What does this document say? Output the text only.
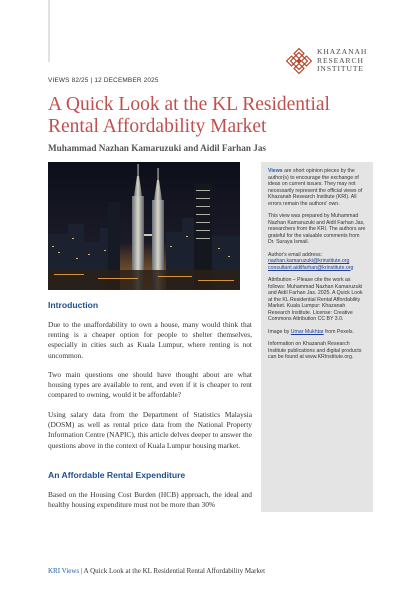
KHAZANAH
RESEARCH
INSTITUTE
VIEWS 82/25 | 12 DECEMBER 2025
A Quick Look at the KL Residential
Rental Affordability Market
Muhammad Nazhan Kamaruzuki and Aidil Farhan Jas

Views are short opinion pieces by the author(s) to encourage the exchange of ideas on current issues. They may not necessarily represent the official views of Khazanah Research Institute (KRI). All errors remain the authors' own.

This view was prepared by Muhammad Nazhan Kamaruzuki and Aidil Farhan Jas, researchers from the KRI. The authors are grateful for the valuable comments from Dr. Suraya Ismail.

Author's email address:

nazhan.kamaruzuki@krinstitute.org

consultant.aidilfarhan@krinstitute.org

Attribution – Please cite the work as follows: Muhammad Nazhan Kamaruzuki and Aidil Farhan Jas. 2025. A Quick Look at the KL Residential Rental Affordability Market. Kuala Lumpur: Khazanah Research Institute. License: Creative Commons Attribution CC BY 3.0.

Image by Umar Mukhtar from Pexels.

Information on Khazanah Research Institute publications and digital products can be found at www.KRInstitute.org.

Introduction

Due to the unaffordability to own a house, many would think that renting is a cheaper option for people to shelter themselves, especially in cities such as Kuala Lumpur, where renting is not uncommon.

Two main questions one should have thought about are what housing types are available to rent, and even if it is cheaper to rent compared to owning, would it be affordable?

Using salary data from the Department of Statistics Malaysia (DOSM) as well as rental price data from the National Property Information Centre (NAPIC), this article delves deeper to answer the questions above in the context of Kuala Lumpur housing market.

An Affordable Rental Expenditure

Based on the Housing Cost Burden (HCB) approach, the ideal and healthy housing expenditure must not be more than 30%

KRI Views | A Quick Look at the KL Residential Rental Affordability Market
